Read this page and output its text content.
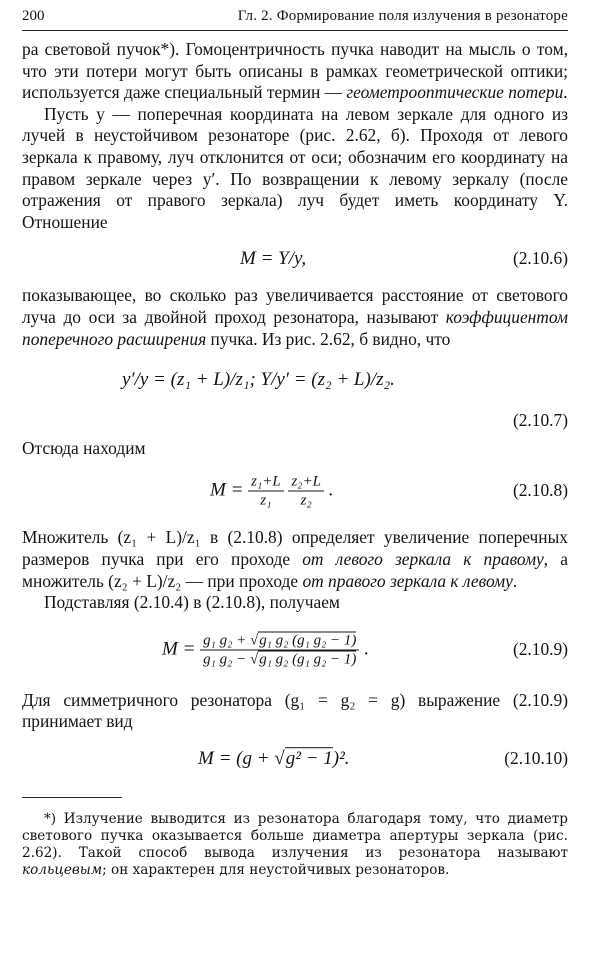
200	Гл. 2. Формирование поля излучения в резонаторе

ра световой пучок*). Гомоцентричность пучка наводит на мысль о том, что эти потери могут быть описаны в рамках геометрической оптики; используется даже специальный термин — геометрооптические потери.

Пусть y — поперечная координата на левом зеркале для одного из лучей в неустойчивом резонаторе (рис. 2.62, б). Проходя от левого зеркала к правому, луч отклонится от оси; обозначим его координату на правом зеркале через y′. По возвращении к левому зеркалу (после отражения от правого зеркала) луч будет иметь координату Y. Отношение

M = Y/y,	(2.10.6)

показывающее, во сколько раз увеличивается расстояние от светового луча до оси за двойной проход резонатора, называют коэффициентом поперечного расширения пучка. Из рис. 2.62, б видно, что

y′/y = (z₁ + L)/z₁; Y/y′ = (z₂ + L)/z₂.
(2.10.7)

Отсюда находим

$M = \frac{\text{z₁+L}}{\text{z₁}}$
$\frac{\text{z₂+L}}{\text{z₂}}$ .	(2.10.8)

Множитель (z₁ + L)/z₁ в (2.10.8) определяет увеличение поперечных размеров пучка при его проходе от левого зеркала к правому, а множитель (z₂ + L)/z₂ — при проходе от правого зеркала к левому.

Подставляя (2.10.4) в (2.10.8), получаем

$M = \frac{\text{g₁ g₂ + √g₁ g₂ (g₁ g₂ − 1)}}{\text{g₁ g₂ − √g₁ g₂ (g₁ g₂ − 1)}}$ .	(2.10.9)

Для симметричного резонатора (g₁ = g₂ = g) выражение (2.10.9) принимает вид

M = (g + √g² − 1)².	(2.10.10)

*) Излучение выводится из резонатора благодаря тому, что диаметр светового пучка оказывается больше диаметра апертуры зеркала (рис. 2.62). Такой способ вывода излучения из резонатора называют кольцевым; он характерен для неустойчивых резонаторов.
